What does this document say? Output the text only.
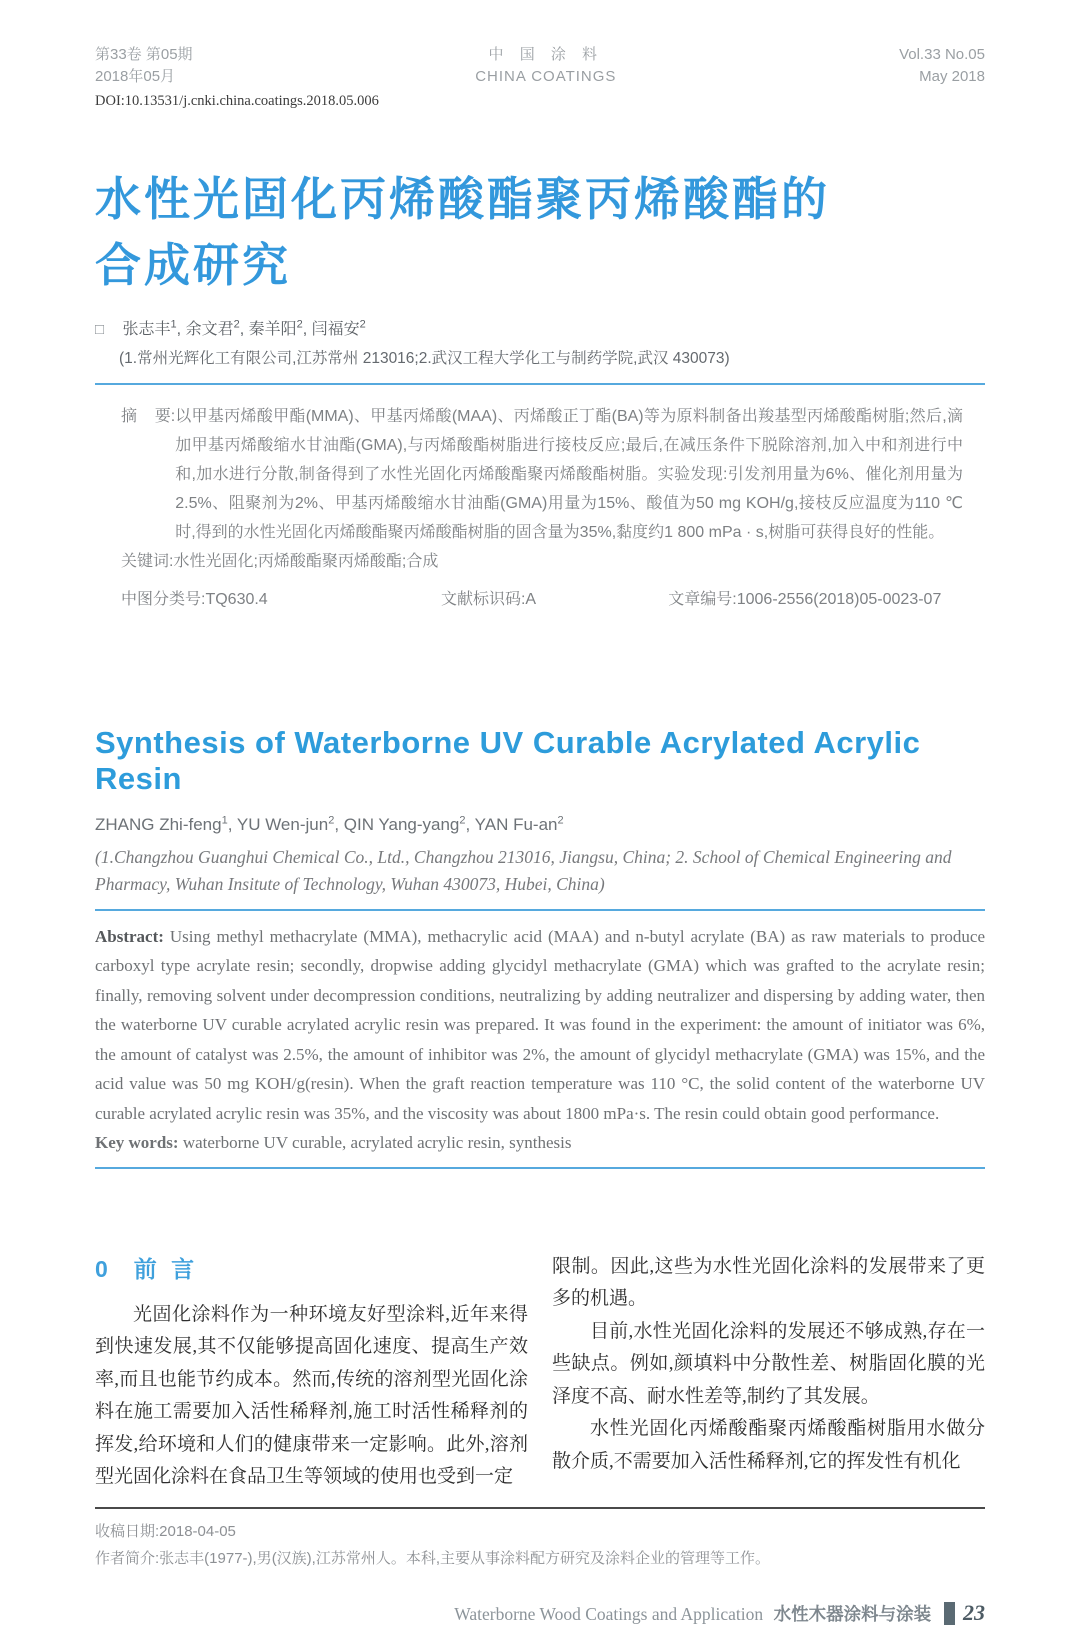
第33卷 第05期
2018年05月
中 国 涂 料
CHINA COATINGS
Vol.33 No.05
May 2018
DOI:10.13531/j.cnki.china.coatings.2018.05.006
水性光固化丙烯酸酯聚丙烯酸酯的
合成研究
□ 张志丰$^1$, 余文君$^2$, 秦羊阳$^2$, 闫福安$^2$
(1.常州光辉化工有限公司,江苏常州 213016;2.武汉工程大学化工与制药学院,武汉 430073)
摘    要: 以甲基丙烯酸甲酯(MMA)、甲基丙烯酸(MAA)、丙烯酸正丁酯(BA)等为原料制备出羧基型丙烯酸酯树脂;然后,滴加甲基丙烯酸缩水甘油酯(GMA),与丙烯酸酯树脂进行接枝反应;最后,在减压条件下脱除溶剂,加入中和剂进行中和,加水进行分散,制备得到了水性光固化丙烯酸酯聚丙烯酸酯树脂。实验发现:引发剂用量为6%、催化剂用量为2.5%、阻聚剂为2%、甲基丙烯酸缩水甘油酯(GMA)用量为15%、酸值为50 mg KOH/g,接枝反应温度为110 ℃时,得到的水性光固化丙烯酸酯聚丙烯酸酯树脂的固含量为35%,黏度约1 800 mPa · s,树脂可获得良好的性能。
关键词: 水性光固化;丙烯酸酯聚丙烯酸酯;合成
中图分类号:TQ630.4	文献标识码:A	文章编号:1006-2556(2018)05-0023-07
Synthesis of Waterborne UV Curable Acrylated Acrylic Resin
ZHANG Zhi-feng$^1$, YU Wen-jun$^2$, QIN Yang-yang$^2$, YAN $Fu-an^2$
(1.Changzhou Guanghui Chemical Co., Ltd., Changzhou 213016, Jiangsu, China; 2. School of Chemical Engineering and Pharmacy, Wuhan Insitute of Technology, Wuhan 430073, Hubei, China)
Abstract: Using methyl methacrylate (MMA), methacrylic acid (MAA) and n-butyl acrylate (BA) as raw materials to produce carboxyl type acrylate resin; secondly, dropwise adding glycidyl methacrylate (GMA) which was grafted to the acrylate resin; finally, removing solvent under decompression conditions, neutralizing by adding neutralizer and dispersing by adding water, then the waterborne UV curable acrylated acrylic resin was prepared. It was found in the experiment: the amount of initiator was 6%, the amount of catalyst was 2.5%, the amount of inhibitor was 2%, the amount of glycidyl methacrylate (GMA) was 15%, and the acid value was 50 mg KOH/g(resin). When the graft reaction temperature was 110 °C, the solid content of the waterborne UV curable acrylated acrylic resin was 35%, and the viscosity was about 1800 mPa·s. The resin could obtain good performance.
Key words: waterborne UV curable, acrylated acrylic resin, synthesis
0 前 言

光固化涂料作为一种环境友好型涂料,近年来得到快速发展,其不仅能够提高固化速度、提高生产效率,而且也能节约成本。然而,传统的溶剂型光固化涂料在施工需要加入活性稀释剂,施工时活性稀释剂的挥发,给环境和人们的健康带来一定影响。此外,溶剂型光固化涂料在食品卫生等领域的使用也受到一定

限制。因此,这些为水性光固化涂料的发展带来了更多的机遇。

目前,水性光固化涂料的发展还不够成熟,存在一些缺点。例如,颜填料中分散性差、树脂固化膜的光泽度不高、耐水性差等,制约了其发展。

水性光固化丙烯酸酯聚丙烯酸酯树脂用水做分散介质,不需要加入活性稀释剂,它的挥发性有机化

收稿日期:2018-04-05
作者简介:张志丰(1977-),男(汉族),江苏常州人。本科,主要从事涂料配方研究及涂料企业的管理等工作。
Waterborne Wood Coatings and Application 水性木器涂料与涂装 23
